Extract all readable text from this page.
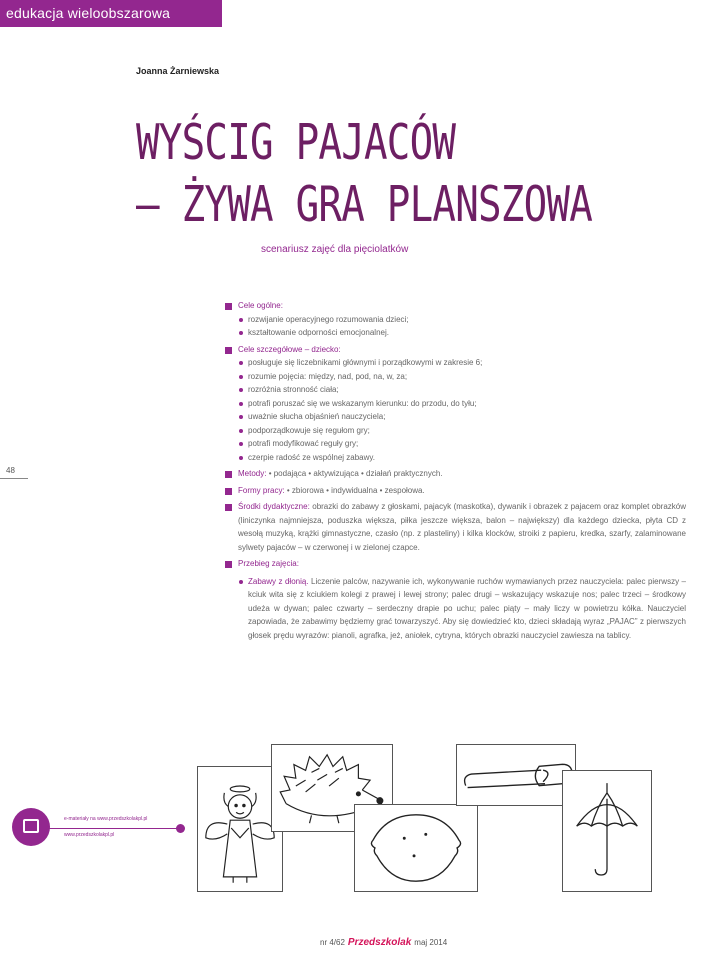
edukacja wieloobszarowa
Joanna Żarniewska
WYŚCIG PAJACÓW
– ŻYWA GRA PLANSZOWA
scenariusz zajęć dla pięciolatków
48
Cele ogólne:
rozwijanie operacyjnego rozumowania dzieci;
kształtowanie odporności emocjonalnej.
Cele szczegółowe – dziecko:
posługuje się liczebnikami głównymi i porządkowymi w zakresie 6;
rozumie pojęcia: między, nad, pod, na, w, za;
rozróżnia stronność ciała;
potrafi poruszać się we wskazanym kierunku: do przodu, do tyłu;
uważnie słucha objaśnień nauczyciela;
podporządkowuje się regułom gry;
potrafi modyfikować reguły gry;
czerpie radość ze wspólnej zabawy.
Metody: • podająca • aktywizująca • działań praktycznych.
Formy pracy: • zbiorowa • indywidualna • zespołowa.
Środki dydaktyczne: obrazki do zabawy z głoskami, pajacyk (maskotka), dywanik i obrazek z pajacem oraz komplet obrazków (liniczynka najmniejsza, poduszka większa, piłka jeszcze większa, balon – największy) dla każdego dziecka, płyta CD z wesołą muzyką, krążki gimnastyczne, czasło (np. z plasteliny) i kilka klocków, stroiki z papieru, kredka, szarfy, zalaminowane sylwety pajaców – w czerwonej i w zielonej czapce.
Przebieg zajęcia:
Zabawy z dłonią. Liczenie palców, nazywanie ich, wykonywanie ruchów wymawianych przez nauczyciela: palec pierwszy – kciuk wita się z kciukiem kolegi z prawej i lewej strony; palec drugi – wskazujący wskazuje nos; palec trzeci – środkowy udeża w dywan; palec czwarty – serdeczny drapie po uchu; palec piąty – mały liczy w powietrzu kółka. Nauczyciel zapowiada, że zabawimy będziemy grać towarzyszyć. Aby się dowiedzieć kto, dzieci składają wyraz „PAJAC” z pierwszych głosek prędu wyrazów: pianoli, agrafka, jeż, aniołek, cytryna, których obrazki nauczyciel zawiesza na tablicy.
e-materiały na www.przedszkolakpl.pl
www.przedszkolakpl.pl
nr 4/62 Przedszkolak maj 2014
